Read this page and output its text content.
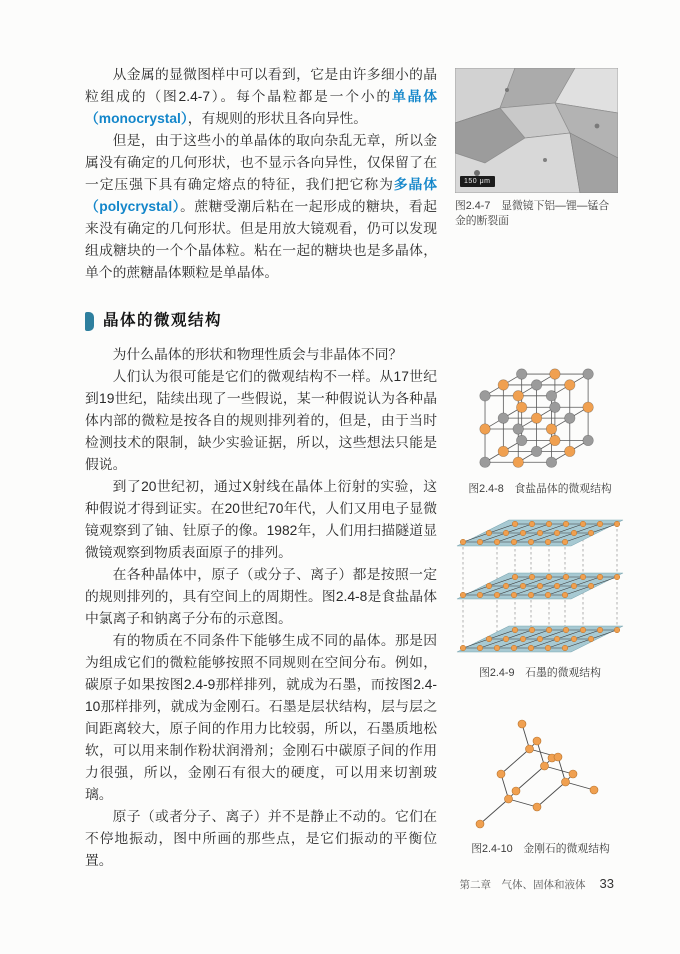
从金属的显微图样中可以看到，它是由许多细小的晶粒组成的（图2.4-7）。每个晶粒都是一个小的单晶体（monocrystal），有规则的形状且各向异性。

但是，由于这些小的单晶体的取向杂乱无章，所以金属没有确定的几何形状，也不显示各向异性，仅保留了在一定压强下具有确定熔点的特征，我们把它称为多晶体（polycrystal）。蔗糖受潮后粘在一起形成的糖块，看起来没有确定的几何形状。但是用放大镜观看，仍可以发现组成糖块的一个个晶体粒。粘在一起的糖块也是多晶体，单个的蔗糖晶体颗粒是单晶体。

晶体的微观结构

为什么晶体的形状和物理性质会与非晶体不同？

人们认为很可能是它们的微观结构不一样。从17世纪到19世纪，陆续出现了一些假说，某一种假说认为各种晶体内部的微粒是按各自的规则排列着的，但是，由于当时检测技术的限制，缺少实验证据，所以，这些想法只能是假说。

到了20世纪初，通过X射线在晶体上衍射的实验，这种假说才得到证实。在20世纪70年代，人们又用电子显微镜观察到了铀、钍原子的像。1982年，人们用扫描隧道显微镜观察到物质表面原子的排列。

在各种晶体中，原子（或分子、离子）都是按照一定的规则排列的，具有空间上的周期性。图2.4-8是食盐晶体中氯离子和钠离子分布的示意图。

有的物质在不同条件下能够生成不同的晶体。那是因为组成它们的微粒能够按照不同规则在空间分布。例如，碳原子如果按图2.4-9那样排列，就成为石墨，而按图2.4-10那样排列，就成为金刚石。石墨是层状结构，层与层之间距离较大，原子间的作用力比较弱，所以，石墨质地松软，可以用来制作粉状润滑剂；金刚石中碳原子间的作用力很强，所以，金刚石有很大的硬度，可以用来切割玻璃。

原子（或者分子、离子）并不是静止不动的。它们在不停地振动，图中所画的那些点，是它们振动的平衡位置。

150 μm
图2.4-7　显微镜下铝—锂—锰合金的断裂面
图2.4-8　食盐晶体的微观结构
图2.4-9　石墨的微观结构
图2.4-10　金刚石的微观结构
第二章　气体、固体和液体 33
